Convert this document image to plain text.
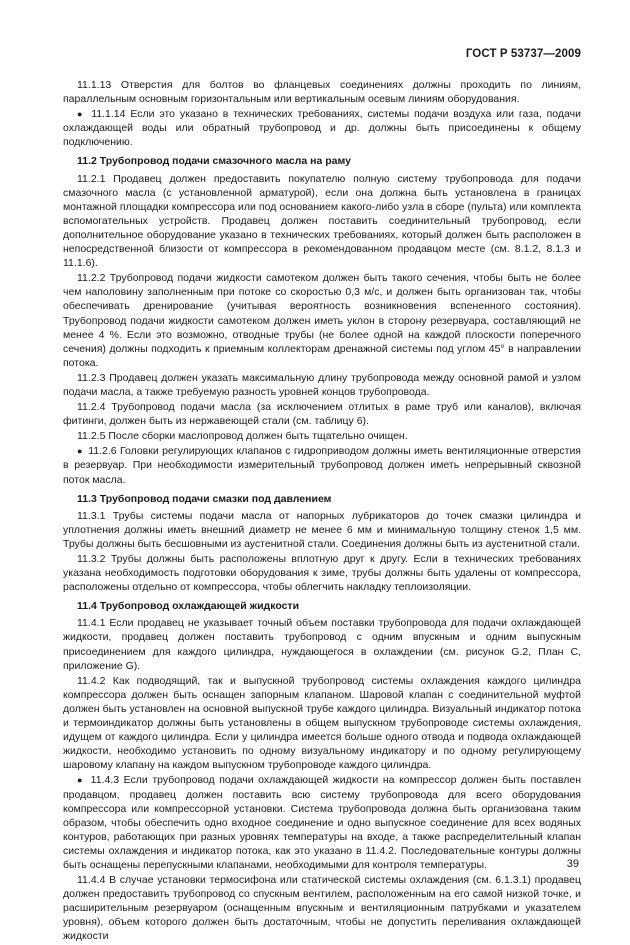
ГОСТ Р 53737—2009

11.1.13 Отверстия для болтов во фланцевых соединениях должны проходить по линиям, параллельным основным горизонтальным или вертикальным осевым линиям оборудования.

● 11.1.14 Если это указано в технических требованиях, системы подачи воздуха или газа, подачи охлаждающей воды или обратный трубопровод и др. должны быть присоединены к общему подключению.

11.2 Трубопровод подачи смазочного масла на раму

11.2.1 Продавец должен предоставить покупателю полную систему трубопровода для подачи смазочного масла (с установленной арматурой), если она должна быть установлена в границах монтажной площадки компрессора или под основанием какого-либо узла в сборе (пульта) или комплекта вспомогательных устройств. Продавец должен поставить соединительный трубопровод, если дополнительное оборудование указано в технических требованиях, который должен быть расположен в непосредственной близости от компрессора в рекомендованном продавцом месте (см. 8.1.2, 8.1.3 и 11.1.6).

11.2.2 Трубопровод подачи жидкости самотеком должен быть такого сечения, чтобы быть не более чем наполовину заполненным при потоке со скоростью 0,3 м/с, и должен быть организован так, чтобы обеспечивать дренирование (учитывая вероятность возникновения вспененного состояния). Трубопровод подачи жидкости самотеком должен иметь уклон в сторону резервуара, составляющий не менее 4 %. Если это возможно, отводные трубы (не более одной на каждой плоскости поперечного сечения) должны подходить к приемным коллекторам дренажной системы под углом 45° в направлении потока.

11.2.3 Продавец должен указать максимальную длину трубопровода между основной рамой и узлом подачи масла, а также требуемую разность уровней концов трубопровода.

11.2.4 Трубопровод подачи масла (за исключением отлитых в раме труб или каналов), включая фитинги, должен быть из нержавеющей стали (см. таблицу 6).

11.2.5 После сборки маслопровод должен быть тщательно очищен.

● 11.2.6 Головки регулирующих клапанов с гидроприводом должны иметь вентиляционные отверстия в резервуар. При необходимости измерительный трубопровод должен иметь непрерывный сквозной поток масла.

11.3 Трубопровод подачи смазки под давлением

11.3.1 Трубы системы подачи масла от напорных лубрикаторов до точек смазки цилиндра и уплотнения должны иметь внешний диаметр не менее 6 мм и минимальную толщину стенок 1,5 мм. Трубы должны быть бесшовными из аустенитной стали. Соединения должны быть из аустенитной стали.

11.3.2 Трубы должны быть расположены вплотную друг к другу. Если в технических требованиях указана необходимость подготовки оборудования к зиме, трубы должны быть удалены от компрессора, расположены отдельно от компрессора, чтобы облегчить накладку теплоизоляции.

11.4 Трубопровод охлаждающей жидкости

11.4.1 Если продавец не указывает точный объем поставки трубопровода для подачи охлаждающей жидкости, продавец должен поставить трубопровод с одним впускным и одним выпускным присоединением для каждого цилиндра, нуждающегося в охлаждении (см. рисунок G.2, План С, приложение G).

11.4.2 Как подводящий, так и выпускной трубопровод системы охлаждения каждого цилиндра компрессора должен быть оснащен запорным клапаном. Шаровой клапан с соединительной муфтой должен быть установлен на основной выпускной трубе каждого цилиндра. Визуальный индикатор потока и термоиндикатор должны быть установлены в общем выпускном трубопроводе системы охлаждения, идущем от каждого цилиндра. Если у цилиндра имеется больше одного отвода и подвода охлаждающей жидкости, необходимо установить по одному визуальному индикатору и по одному регулирующему шаровому клапану на каждом выпускном трубопроводе каждого цилиндра.

● 11.4.3 Если трубопровод подачи охлаждающей жидкости на компрессор должен быть поставлен продавцом, продавец должен поставить всю систему трубопровода для всего оборудования компрессора или компрессорной установки. Система трубопровода должна быть организована таким образом, чтобы обеспечить одно входное соединение и одно выпускное соединение для всех водяных контуров, работающих при разных уровнях температуры на входе, а также распределительный клапан системы охлаждения и индикатор потока, как это указано в 11.4.2. Последовательные контуры должны быть оснащены перепускными клапанами, необходимыми для контроля температуры.

11.4.4 В случае установки термосифона или статической системы охлаждения (см. 6.1.3.1) продавец должен предоставить трубопровод со спускным вентилем, расположенным на его самой низкой точке, и расширительным резервуаром (оснащенным впускным и вентиляционным патрубками и указателем уровня), объем которого должен быть достаточным, чтобы не допустить переливания охлаждающей жидкости

39
